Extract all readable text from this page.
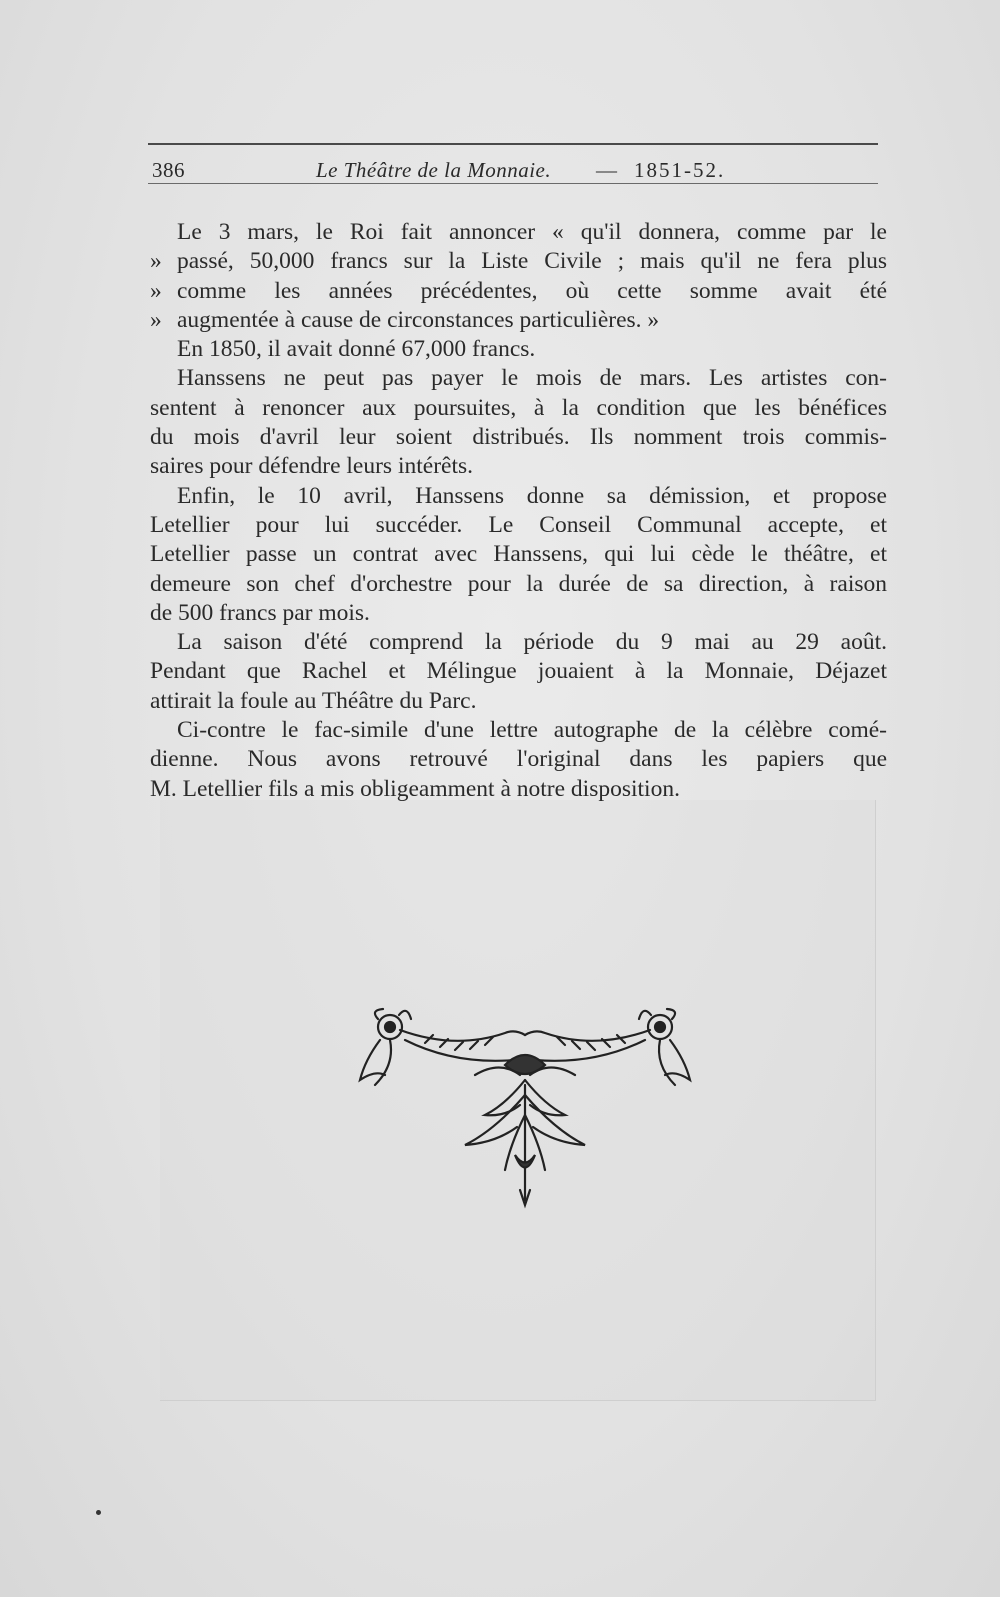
386	Le Théâtre de la Monnaie. — 1851-52.
Le 3 mars, le Roi fait annoncer « qu'il donnera, comme par le
» passé, 50,000 francs sur la Liste Civile ; mais qu'il ne fera plus
» comme les années précédentes, où cette somme avait été
» augmentée à cause de circonstances particulières. »
En 1850, il avait donné 67,000 francs.
Hanssens ne peut pas payer le mois de mars. Les artistes con-
sentent à renoncer aux poursuites, à la condition que les bénéfices
du mois d'avril leur soient distribués. Ils nomment trois commis-
saires pour défendre leurs intérêts.
Enfin, le 10 avril, Hanssens donne sa démission, et propose
Letellier pour lui succéder. Le Conseil Communal accepte, et
Letellier passe un contrat avec Hanssens, qui lui cède le théâtre, et
demeure son chef d'orchestre pour la durée de sa direction, à raison
de 500 francs par mois.
La saison d'été comprend la période du 9 mai au 29 août.
Pendant que Rachel et Mélingue jouaient à la Monnaie, Déjazet
attirait la foule au Théâtre du Parc.
Ci-contre le fac-simile d'une lettre autographe de la célèbre comé-
dienne. Nous avons retrouvé l'original dans les papiers que
M. Letellier fils a mis obligeamment à notre disposition.
